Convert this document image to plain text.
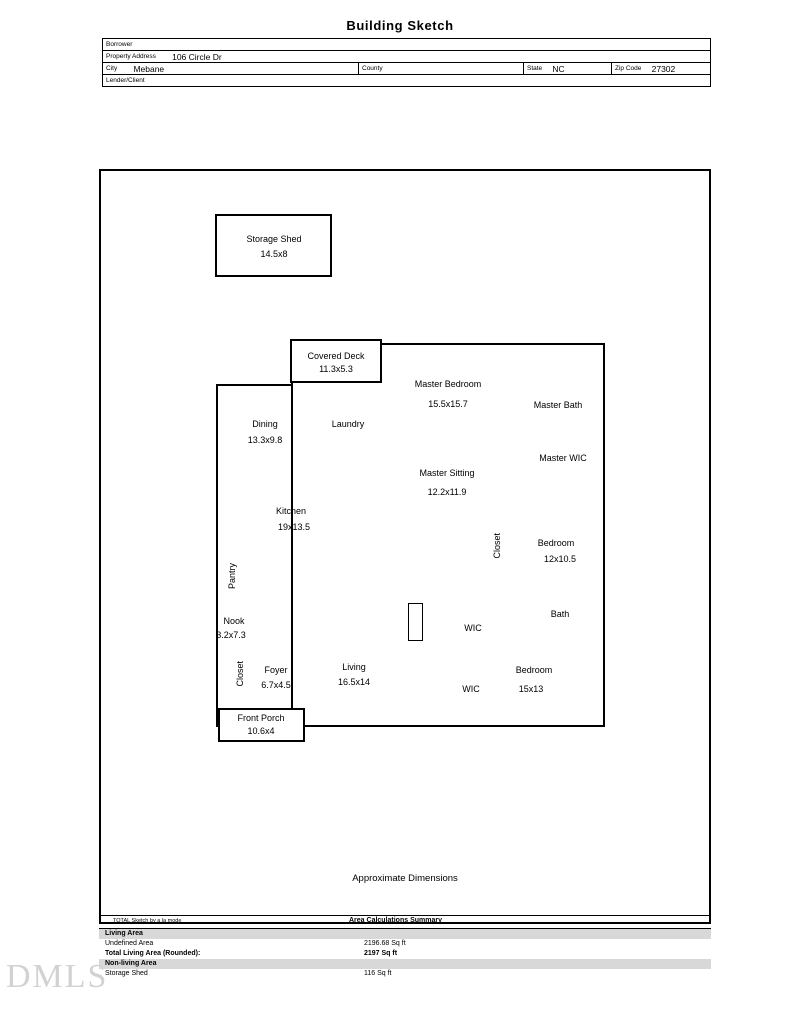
Building Sketch
Borrower
Property Address 106 Circle Dr
City Mebane	County	State NC	Zip Code 27302
Lender/Client
Storage Shed
14.5x8
Covered Deck
11.3x5.3
Front Porch
10.6x4
Master Bedroom
15.5x15.7	Master Bath
Master WIC
Master Sitting
12.2x11.9
Dining
13.3x9.8
Laundry
Kitchen
19x13.5
Closet	Bedroom
12x10.5
Pantry
Nook
3.2x7.3
WIC
Bath
Closet Foyer
6.7x4.5
Living
16.5x14
WIC
Bedroom
15x13
Approximate Dimensions
TOTAL Sketch by a la mode	Area Calculations Summary
Living Area
Undefined Area	2196.68 Sq ft
Total Living Area (Rounded):	2197 Sq ft
Non-living Area
Storage Shed	116 Sq ft
DMLS
